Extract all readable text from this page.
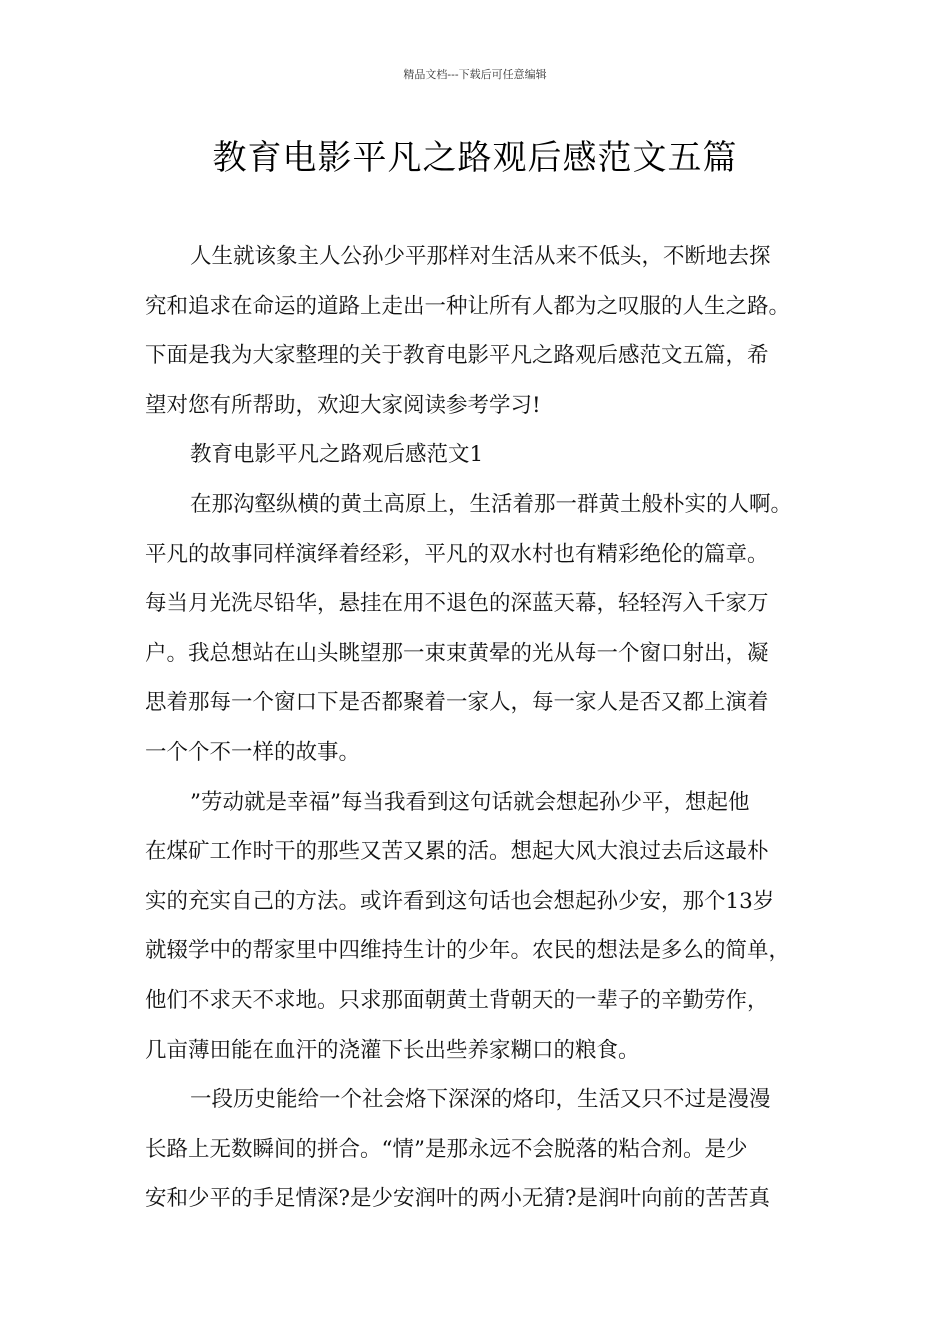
精品文档---下载后可任意编辑
教育电影平凡之路观后感范文五篇
人生就该象主人公孙少平那样对生活从来不低头，不断地去探
究和追求在命运的道路上走出一种让所有人都为之叹服的人生之路。
下面是我为大家整理的关于教育电影平凡之路观后感范文五篇，希
望对您有所帮助，欢迎大家阅读参考学习!
教育电影平凡之路观后感范文1
在那沟壑纵横的黄土高原上，生活着那一群黄土般朴实的人啊。
平凡的故事同样演绎着经彩，平凡的双水村也有精彩绝伦的篇章。
每当月光洗尽铅华，悬挂在用不退色的深蓝天幕，轻轻泻入千家万
户。我总想站在山头眺望那一束束黄晕的光从每一个窗口射出，凝
思着那每一个窗口下是否都聚着一家人，每一家人是否又都上演着
一个个不一样的故事。
”劳动就是幸福”每当我看到这句话就会想起孙少平，想起他
在煤矿工作时干的那些又苦又累的活。想起大风大浪过去后这最朴
实的充实自己的方法。或许看到这句话也会想起孙少安，那个13岁
就辍学中的帮家里中四维持生计的少年。农民的想法是多么的简单，
他们不求天不求地。只求那面朝黄土背朝天的一辈子的辛勤劳作，
几亩薄田能在血汗的浇灌下长出些养家糊口的粮食。
一段历史能给一个社会烙下深深的烙印，生活又只不过是漫漫
长路上无数瞬间的拼合。“情”是那永远不会脱落的粘合剂。是少
安和少平的手足情深?是少安润叶的两小无猜?是润叶向前的苦苦真
